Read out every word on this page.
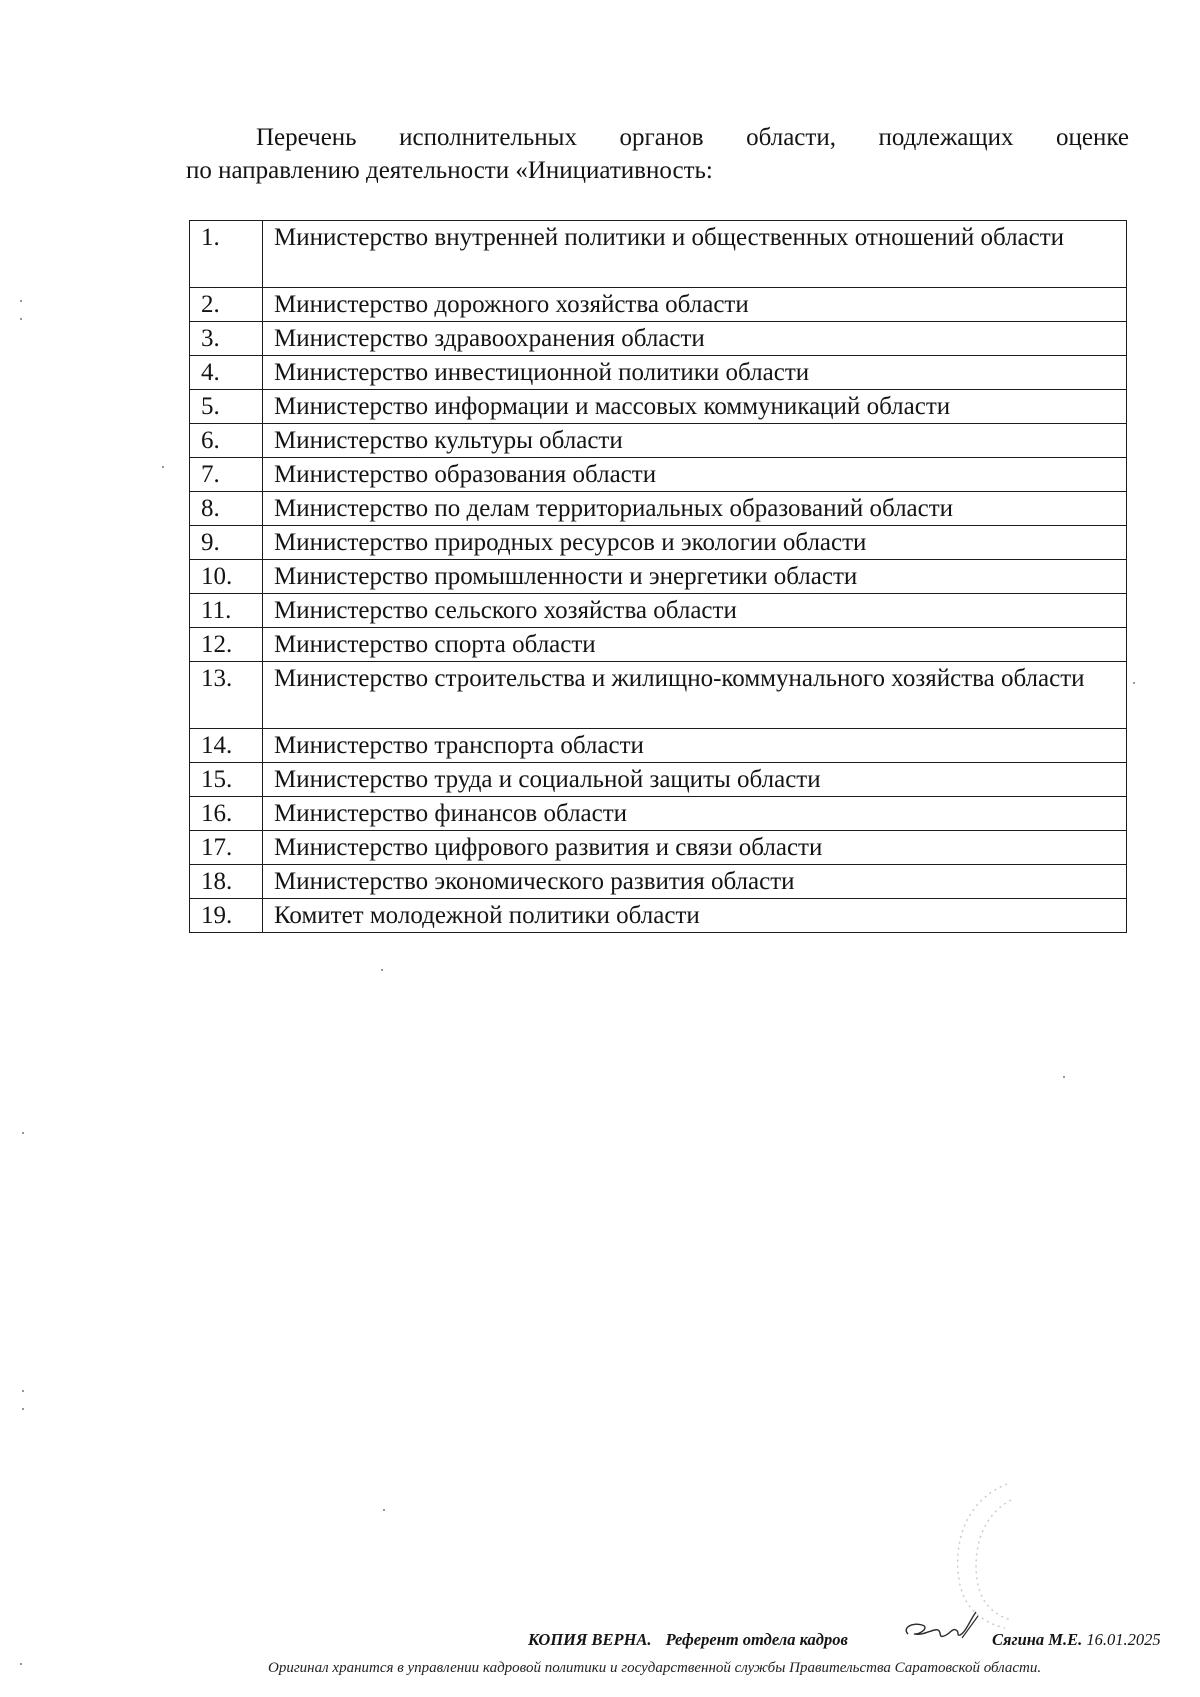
Перечень исполнительных органов области, подлежащих оценке
по направлению деятельности «Инициативность:
1.	Министерство внутренней политики и общественных отношений области
2.	Министерство дорожного хозяйства области
3.	Министерство здравоохранения области
4.	Министерство инвестиционной политики области
5.	Министерство информации и массовых коммуникаций области
6.	Министерство культуры области
7.	Министерство образования области
8.	Министерство по делам территориальных образований области
9.	Министерство природных ресурсов и экологии области
10.	Министерство промышленности и энергетики области
11.	Министерство сельского хозяйства области
12.	Министерство спорта области
13.	Министерство строительства и жилищно-коммунального хозяйства области
14.	Министерство транспорта области
15.	Министерство труда и социальной защиты области
16.	Министерство финансов области
17.	Министерство цифрового развития и связи области
18.	Министерство экономического развития области
19.	Комитет молодежной политики области
КОПИЯ ВЕРНА. Референт отдела кадров	Сягина М.Е. 16.01.2025
Оригинал хранится в управлении кадровой политики и государственной службы Правительства Саратовской области.
